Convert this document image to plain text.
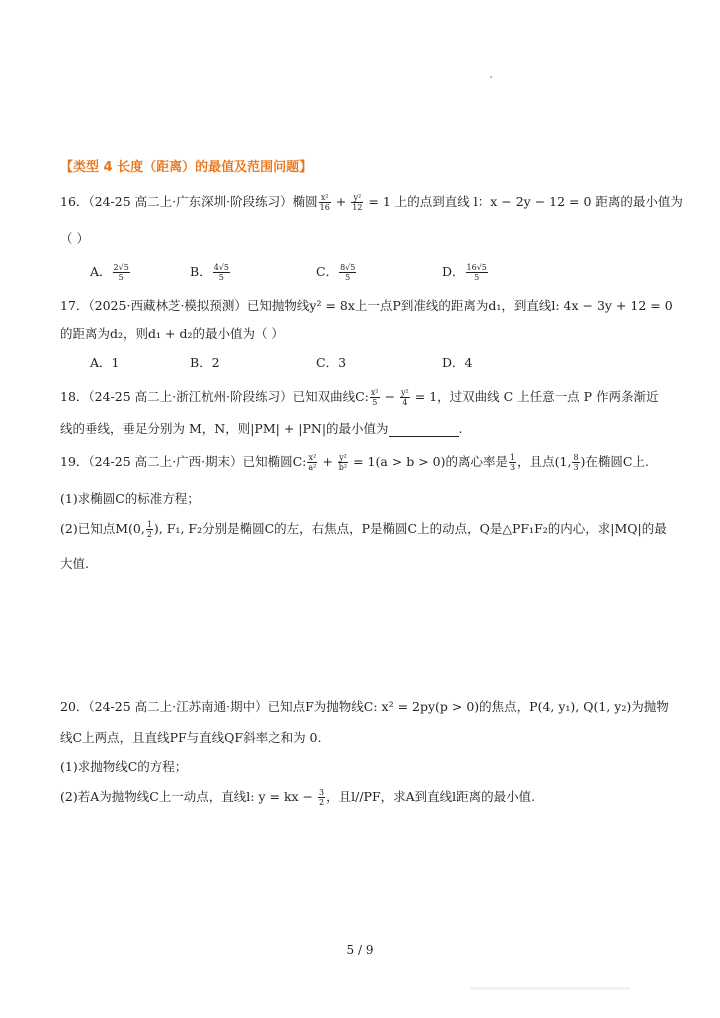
【类型 4 长度（距离）的最值及范围问题】
16．（24-25 高二上·广东深圳·阶段练习）椭圆 $\frac{\text{x²}}{16} + \frac{\text{y²}}{12} = 1$ 上的点到直线 l：x − 2y − 12 = 0 距离的最小值为
（ ）
A． $\frac{2√5}{5}$	B． $\frac{4√5}{5}$	C． $\frac{8√5}{5}$	D． $\frac{16√5}{5}$
17．（2025·西藏林芝·模拟预测）已知抛物线y² = 8x上一点P到准线的距离为d₁，到直线l: 4x − 3y + 12 = 0
的距离为d₂，则d₁ + d₂的最小值为（ ）
A．1	B．2	C．3	D．4
18．（24-25 高二上·浙江杭州·阶段练习）已知双曲线C: $\frac{\text{x²}}{5} - \frac{\text{y²}}{4} = 1$，过双曲线 C 上任意一点 P 作两条渐近
线的垂线，垂足分别为 M，N，则|PM| + |PN|的最小值为	.
19．（24-25 高二上·广西·期末）已知椭圆C: $\frac{\text{x²}}{\text{a²}} + \frac{\text{y²}}{\text{b²}} = 1(a > b > 0)$的离心率是 $\frac{1}{3}$ ，且点(1, $\frac{8}{3}$ )在椭圆C上.
(1)求椭圆C的标准方程；
(2)已知点M(0, $\frac{1}{2}$ ), F₁, F₂分别是椭圆C的左，右焦点，P是椭圆C上的动点，Q是△PF₁F₂的内心，求|MQ|的最
大值.
20．（24-25 高二上·江苏南通·期中）已知点F为抛物线C: x² = 2py(p > 0)的焦点，P(4, y₁), Q(1, y₂)为抛物
线C上两点，且直线PF与直线QF斜率之和为 0.
(1)求抛物线C的方程；
(2)若A为抛物线C上一动点，直线l: y = kx − $\frac{3}{2}$ ，且l//PF，求A到直线l距离的最小值.
5 / 9
